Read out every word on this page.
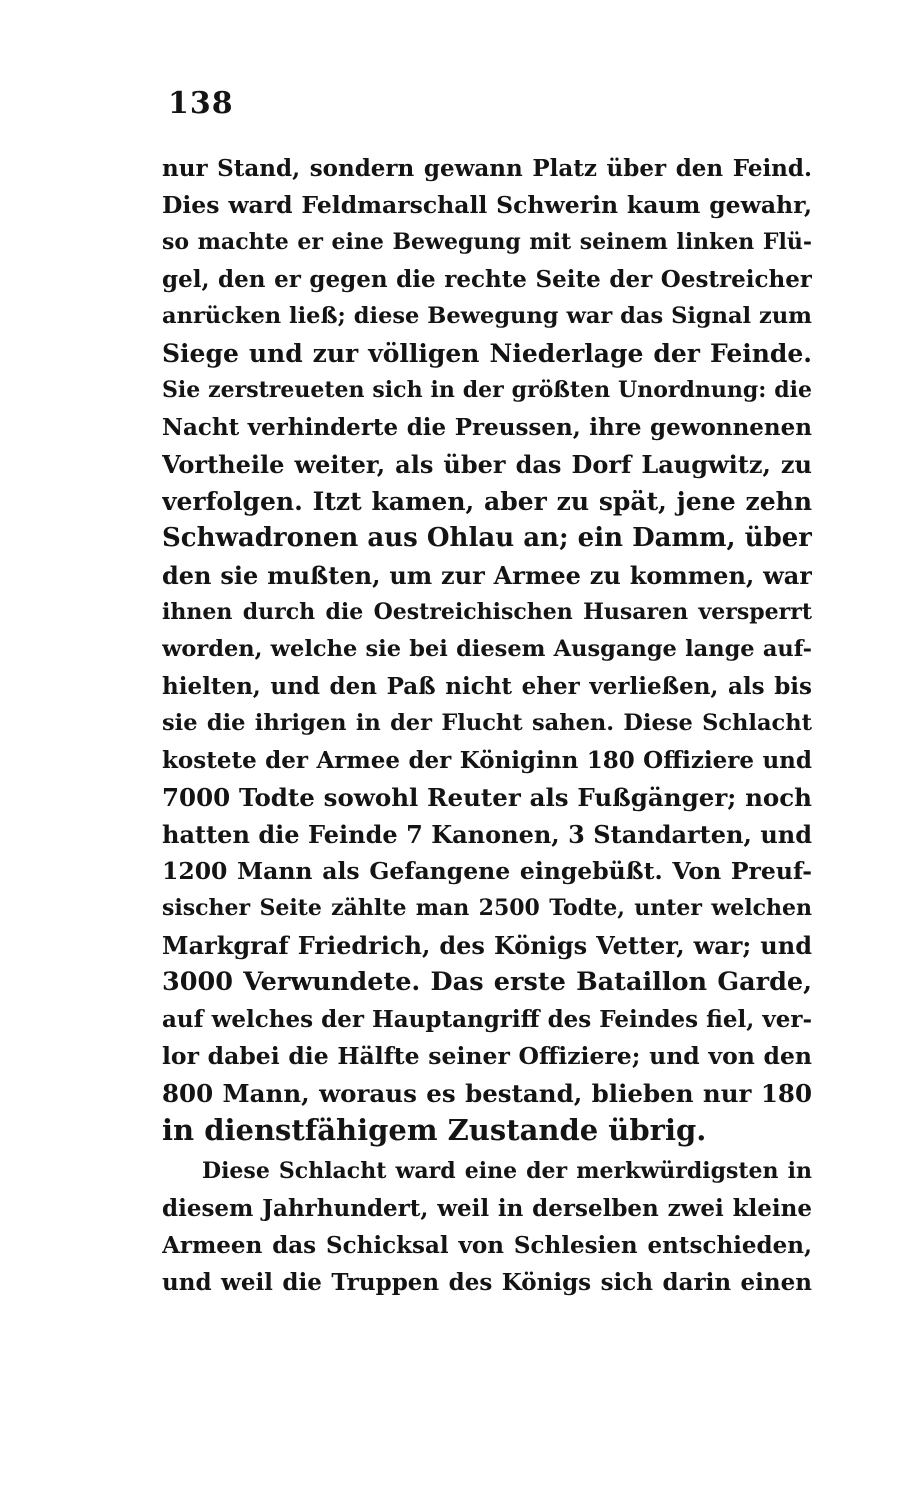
138
nur Stand, sondern gewann Platz über den Feind.
Dies ward Feldmarschall Schwerin kaum gewahr,
so machte er eine Bewegung mit seinem linken Flü-
gel, den er gegen die rechte Seite der Oestreicher
anrücken ließ; diese Bewegung war das Signal zum
Siege und zur völligen Niederlage der Feinde.
Sie zerstreueten sich in der größten Unordnung: die
Nacht verhinderte die Preussen, ihre gewonnenen
Vortheile weiter, als über das Dorf Laugwitz, zu
verfolgen. Itzt kamen, aber zu spät, jene zehn
Schwadronen aus Ohlau an; ein Damm, über
den sie mußten, um zur Armee zu kommen, war
ihnen durch die Oestreichischen Husaren versperrt
worden, welche sie bei diesem Ausgange lange auf-
hielten, und den Paß nicht eher verließen, als bis
sie die ihrigen in der Flucht sahen. Diese Schlacht
kostete der Armee der Königinn 180 Offiziere und
7000 Todte sowohl Reuter als Fußgänger; noch
hatten die Feinde 7 Kanonen, 3 Standarten, und
1200 Mann als Gefangene eingebüßt. Von Preuf-
sischer Seite zählte man 2500 Todte, unter welchen
Markgraf Friedrich, des Königs Vetter, war; und
3000 Verwundete. Das erste Bataillon Garde,
auf welches der Hauptangriff des Feindes fiel, ver-
lor dabei die Hälfte seiner Offiziere; und von den
800 Mann, woraus es bestand, blieben nur 180
in dienstfähigem Zustande übrig.
Diese Schlacht ward eine der merkwürdigsten in
diesem Jahrhundert, weil in derselben zwei kleine
Armeen das Schicksal von Schlesien entschieden,
und weil die Truppen des Königs sich darin einen
